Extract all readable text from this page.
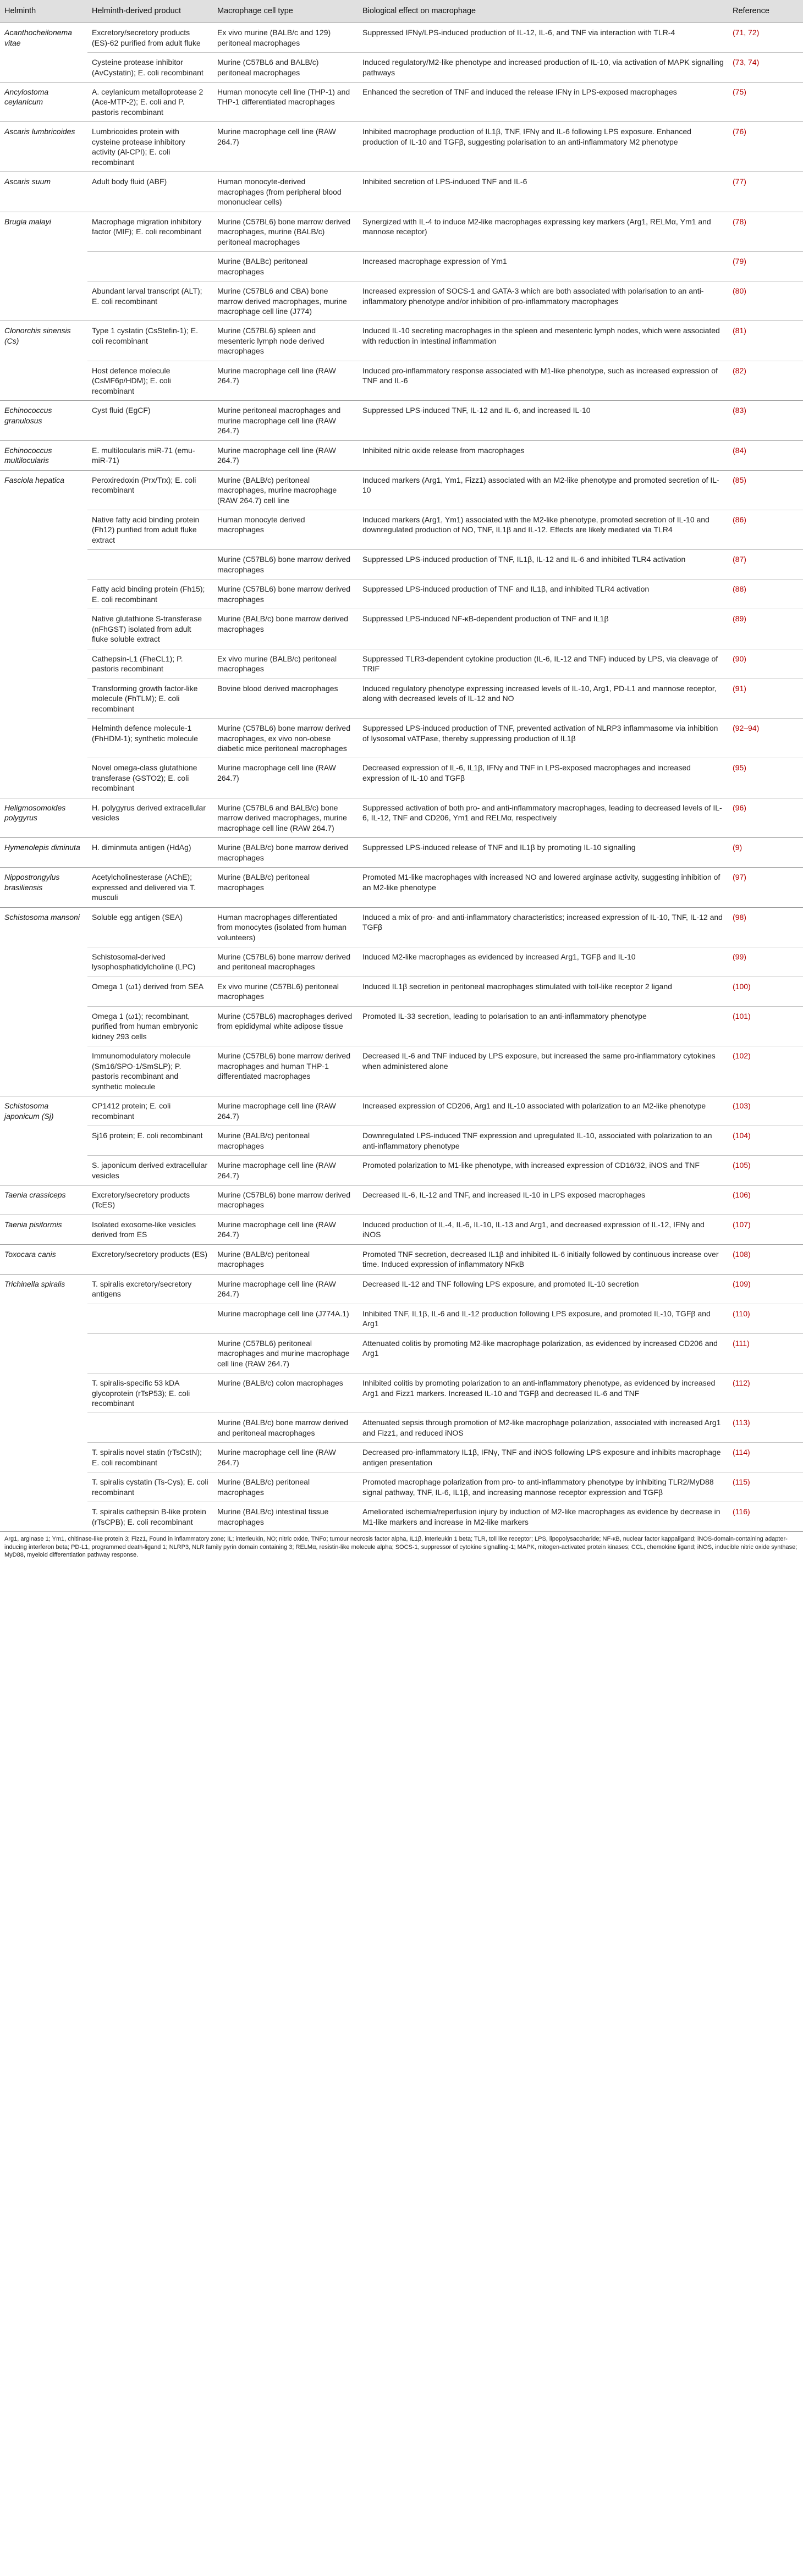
Helminth	Helminth-derived product	Macrophage cell type	Biological effect on macrophage	Reference
Acanthocheilonema vitae	Excretory/secretory products (ES)-62 purified from adult fluke	Ex vivo murine (BALB/c and 129) peritoneal macrophages	Suppressed IFNγ/LPS-induced production of IL-12, IL-6, and TNF via interaction with TLR-4	(71, 72)
	Cysteine protease inhibitor (AvCystatin); E. coli recombinant	Murine (C57BL6 and BALB/c) peritoneal macrophages	Induced regulatory/M2-like phenotype and increased production of IL-10, via activation of MAPK signalling pathways	(73, 74)
Ancylostoma ceylanicum	A. ceylanicum metalloprotease 2 (Ace-MTP-2); E. coli and P. pastoris recombinant	Human monocyte cell line (THP-1) and THP-1 differentiated macrophages	Enhanced the secretion of TNF and induced the release IFNγ in LPS-exposed macrophages	(75)
Ascaris lumbricoides	Lumbricoides protein with cysteine protease inhibitory activity (Al-CPI); E. coli recombinant	Murine macrophage cell line (RAW 264.7)	Inhibited macrophage production of IL1β, TNF, IFNγ and IL-6 following LPS exposure. Enhanced production of IL-10 and TGFβ, suggesting polarisation to an anti-inflammatory M2 phenotype	(76)
Ascaris suum	Adult body fluid (ABF)	Human monocyte-derived macrophages (from peripheral blood mononuclear cells)	Inhibited secretion of LPS-induced TNF and IL-6	(77)
Brugia malayi	Macrophage migration inhibitory factor (MIF); E. coli recombinant	Murine (C57BL6) bone marrow derived macrophages, murine (BALB/c) peritoneal macrophages	Synergized with IL-4 to induce M2-like macrophages expressing key markers (Arg1, RELMα, Ym1 and mannose receptor)	(78)
		Murine (BALBc) peritoneal macrophages	Increased macrophage expression of Ym1	(79)
	Abundant larval transcript (ALT); E. coli recombinant	Murine (C57BL6 and CBA) bone marrow derived macrophages, murine macrophage cell line (J774)	Increased expression of SOCS-1 and GATA-3 which are both associated with polarisation to an anti-inflammatory phenotype and/or inhibition of pro-inflammatory macrophages	(80)
Clonorchis sinensis (Cs)	Type 1 cystatin (CsStefin-1); E. coli recombinant	Murine (C57BL6) spleen and mesenteric lymph node derived macrophages	Induced IL-10 secreting macrophages in the spleen and mesenteric lymph nodes, which were associated with reduction in intestinal inflammation	(81)
	Host defence molecule (CsMF6p/HDM); E. coli recombinant	Murine macrophage cell line (RAW 264.7)	Induced pro-inflammatory response associated with M1-like phenotype, such as increased expression of TNF and IL-6	(82)
Echinococcus granulosus	Cyst fluid (EgCF)	Murine peritoneal macrophages and murine macrophage cell line (RAW 264.7)	Suppressed LPS-induced TNF, IL-12 and IL-6, and increased IL-10	(83)
Echinococcus multilocularis	E. multilocularis miR-71 (emu-miR-71)	Murine macrophage cell line (RAW 264.7)	Inhibited nitric oxide release from macrophages	(84)
Fasciola hepatica	Peroxiredoxin (Prx/Trx); E. coli recombinant	Murine (BALB/c) peritoneal macrophages, murine macrophage (RAW 264.7) cell line	Induced markers (Arg1, Ym1, Fizz1) associated with an M2-like phenotype and promoted secretion of IL-10	(85)
	Native fatty acid binding protein (Fh12) purified from adult fluke extract	Human monocyte derived macrophages	Induced markers (Arg1, Ym1) associated with the M2-like phenotype, promoted secretion of IL-10 and downregulated production of NO, TNF, IL1β and IL-12. Effects are likely mediated via TLR4	(86)
		Murine (C57BL6) bone marrow derived macrophages	Suppressed LPS-induced production of TNF, IL1β, IL-12 and IL-6 and inhibited TLR4 activation	(87)
	Fatty acid binding protein (Fh15); E. coli recombinant	Murine (C57BL6) bone marrow derived macrophages	Suppressed LPS-induced production of TNF and IL1β, and inhibited TLR4 activation	(88)
	Native glutathione S-transferase (nFhGST) isolated from adult fluke soluble extract	Murine (BALB/c) bone marrow derived macrophages	Suppressed LPS-induced NF-κB-dependent production of TNF and IL1β	(89)
	Cathepsin-L1 (FheCL1); P. pastoris recombinant	Ex vivo murine (BALB/c) peritoneal macrophages	Suppressed TLR3-dependent cytokine production (IL-6, IL-12 and TNF) induced by LPS, via cleavage of TRIF	(90)
	Transforming growth factor-like molecule (FhTLM); E. coli recombinant	Bovine blood derived macrophages	Induced regulatory phenotype expressing increased levels of IL-10, Arg1, PD-L1 and mannose receptor, along with decreased levels of IL-12 and NO	(91)
	Helminth defence molecule-1 (FhHDM-1); synthetic molecule	Murine (C57BL6) bone marrow derived macrophages, ex vivo non-obese diabetic mice peritoneal macrophages	Suppressed LPS-induced production of TNF, prevented activation of NLRP3 inflammasome via inhibition of lysosomal vATPase, thereby suppressing production of IL1β	(92–94)
	Novel omega-class glutathione transferase (GSTO2); E. coli recombinant	Murine macrophage cell line (RAW 264.7)	Decreased expression of IL-6, IL1β, IFNγ and TNF in LPS-exposed macrophages and increased expression of IL-10 and TGFβ	(95)
Heligmosomoides polygyrus	H. polygyrus derived extracellular vesicles	Murine (C57BL6 and BALB/c) bone marrow derived macrophages, murine macrophage cell line (RAW 264.7)	Suppressed activation of both pro- and anti-inflammatory macrophages, leading to decreased levels of IL-6, IL-12, TNF and CD206, Ym1 and RELMα, respectively	(96)
Hymenolepis diminuta	H. diminmuta antigen (HdAg)	Murine (BALB/c) bone marrow derived macrophages	Suppressed LPS-induced release of TNF and IL1β by promoting IL-10 signalling	(9)
Nippostrongylus brasiliensis	Acetylcholinesterase (AChE); expressed and delivered via T. musculi	Murine (BALB/c) peritoneal macrophages	Promoted M1-like macrophages with increased NO and lowered arginase activity, suggesting inhibition of an M2-like phenotype	(97)
Schistosoma mansoni	Soluble egg antigen (SEA)	Human macrophages differentiated from monocytes (isolated from human volunteers)	Induced a mix of pro- and anti-inflammatory characteristics; increased expression of IL-10, TNF, IL-12 and TGFβ	(98)
	Schistosomal-derived lysophosphatidylcholine (LPC)	Murine (C57BL6) bone marrow derived and peritoneal macrophages	Induced M2-like macrophages as evidenced by increased Arg1, TGFβ and IL-10	(99)
	Omega 1 (ω1) derived from SEA	Ex vivo murine (C57BL6) peritoneal macrophages	Induced IL1β secretion in peritoneal macrophages stimulated with toll-like receptor 2 ligand	(100)
	Omega 1 (ω1); recombinant, purified from human embryonic kidney 293 cells	Murine (C57BL6) macrophages derived from epididymal white adipose tissue	Promoted IL-33 secretion, leading to polarisation to an anti-inflammatory phenotype	(101)
	Immunomodulatory molecule (Sm16/SPO-1/SmSLP); P. pastoris recombinant and synthetic molecule	Murine (C57BL6) bone marrow derived macrophages and human THP-1 differentiated macrophages	Decreased IL-6 and TNF induced by LPS exposure, but increased the same pro-inflammatory cytokines when administered alone	(102)
Schistosoma japonicum (Sj)	CP1412 protein; E. coli recombinant	Murine macrophage cell line (RAW 264.7)	Increased expression of CD206, Arg1 and IL-10 associated with polarization to an M2-like phenotype	(103)
	Sj16 protein; E. coli recombinant	Murine (BALB/c) peritoneal macrophages	Downregulated LPS-induced TNF expression and upregulated IL-10, associated with polarization to an anti-inflammatory phenotype	(104)
	S. japonicum derived extracellular vesicles	Murine macrophage cell line (RAW 264.7)	Promoted polarization to M1-like phenotype, with increased expression of CD16/32, iNOS and TNF	(105)
Taenia crassiceps	Excretory/secretory products (TcES)	Murine (C57BL6) bone marrow derived macrophages	Decreased IL-6, IL-12 and TNF, and increased IL-10 in LPS exposed macrophages	(106)
Taenia pisiformis	Isolated exosome-like vesicles derived from ES	Murine macrophage cell line (RAW 264.7)	Induced production of IL-4, IL-6, IL-10, IL-13 and Arg1, and decreased expression of IL-12, IFNγ and iNOS	(107)
Toxocara canis	Excretory/secretory products (ES)	Murine (BALB/c) peritoneal macrophages	Promoted TNF secretion, decreased IL1β and inhibited IL-6 initially followed by continuous increase over time. Induced expression of inflammatory NFκB	(108)
Trichinella spiralis	T. spiralis excretory/secretory antigens	Murine macrophage cell line (RAW 264.7)	Decreased IL-12 and TNF following LPS exposure, and promoted IL-10 secretion	(109)
		Murine macrophage cell line (J774A.1)	Inhibited TNF, IL1β, IL-6 and IL-12 production following LPS exposure, and promoted IL-10, TGFβ and Arg1	(110)
		Murine (C57BL6) peritoneal macrophages and murine macrophage cell line (RAW 264.7)	Attenuated colitis by promoting M2-like macrophage polarization, as evidenced by increased CD206 and Arg1	(111)
	T. spiralis-specific 53 kDA glycoprotein (rTsP53); E. coli recombinant	Murine (BALB/c) colon macrophages	Inhibited colitis by promoting polarization to an anti-inflammatory phenotype, as evidenced by increased Arg1 and Fizz1 markers. Increased IL-10 and TGFβ and decreased IL-6 and TNF	(112)
		Murine (BALB/c) bone marrow derived and peritoneal macrophages	Attenuated sepsis through promotion of M2-like macrophage polarization, associated with increased Arg1 and Fizz1, and reduced iNOS	(113)
	T. spiralis novel statin (rTsCstN); E. coli recombinant	Murine macrophage cell line (RAW 264.7)	Decreased pro-inflammatory IL1β, IFNγ, TNF and iNOS following LPS exposure and inhibits macrophage antigen presentation	(114)
	T. spiralis cystatin (Ts-Cys); E. coli recombinant	Murine (BALB/c) peritoneal macrophages	Promoted macrophage polarization from pro- to anti-inflammatory phenotype by inhibiting TLR2/MyD88 signal pathway, TNF, IL-6, IL1β, and increasing mannose receptor expression and TGFβ	(115)
	T. spiralis cathepsin B-like protein (rTsCPB); E. coli recombinant	Murine (BALB/c) intestinal tissue macrophages	Ameliorated ischemia/reperfusion injury by induction of M2-like macrophages as evidence by decrease in M1-like markers and increase in M2-like markers	(116)
Arg1, arginase 1; Ym1, chitinase-like protein 3; Fizz1, Found in inflammatory zone; IL; interleukin, NO; nitric oxide, TNFα; tumour necrosis factor alpha, IL1β, interleukin 1 beta; TLR, toll like receptor; LPS, lipopolysaccharide; NF-κB, nuclear factor kappaligand; iNOS-domain-containing adapter-inducing interferon beta; PD-L1, programmed death-ligand 1; NLRP3, NLR family pyrin domain containing 3; RELMα, resistin-like molecule alpha; SOCS-1, suppressor of cytokine signalling-1; MAPK, mitogen-activated protein kinases; CCL, chemokine ligand; iNOS, inducible nitric oxide synthase; MyD88, myeloid differentiation pathway response.
